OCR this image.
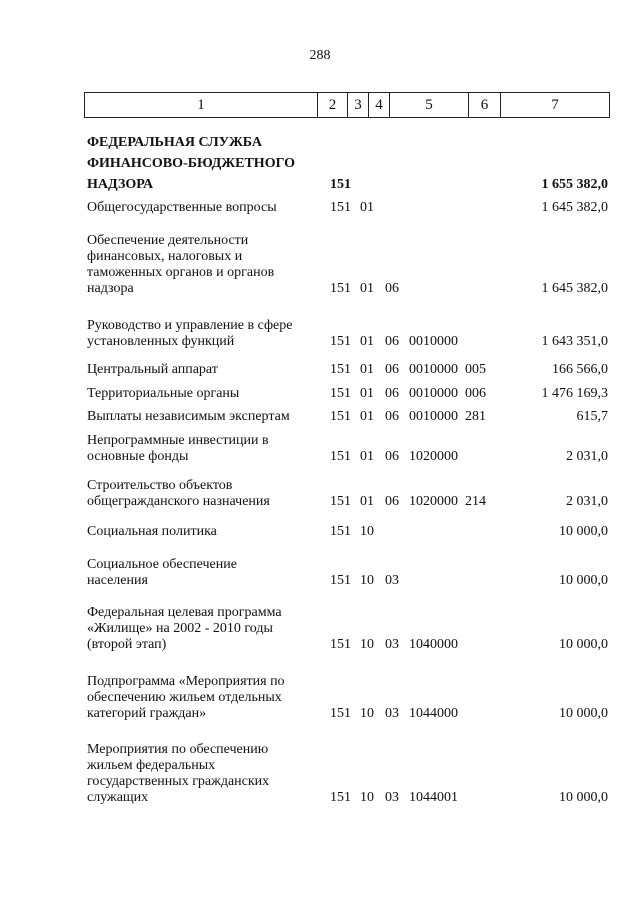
288
1	2	3 4	5	6	7
ФЕДЕРАЛЬНАЯ СЛУЖБА
ФИНАНСОВО-БЮДЖЕТНОГО
НАДЗОРА	151	1 655 382,0
Общегосударственные вопросы	151 01	1 645 382,0
Обеспечение деятельности
финансовых, налоговых и
таможенных органов и органов
надзора	151 01 06	1 645 382,0
Руководство и управление в сфере
установленных функций	151 01 06 0010000	1 643 351,0
Центральный аппарат	151 01 06 0010000 005	166 566,0
Территориальные органы	151 01 06 0010000 006	1 476 169,3
Выплаты независимым экспертам	151 01 06 0010000 281	615,7
Непрограммные инвестиции в
основные фонды	151 01 06 1020000	2 031,0
Строительство объектов
общегражданского назначения	151 01 06 1020000 214	2 031,0
Социальная политика	151 10	10 000,0
Социальное обеспечение
населения	151 10 03	10 000,0
Федеральная целевая программа
«Жилище» на 2002 - 2010 годы
(второй этап)	151 10 03 1040000	10 000,0
Подпрограмма «Мероприятия по
обеспечению жильем отдельных
категорий граждан»	151 10 03 1044000	10 000,0
Мероприятия по обеспечению
жильем федеральных
государственных гражданских
служащих	151 10 03 1044001	10 000,0
